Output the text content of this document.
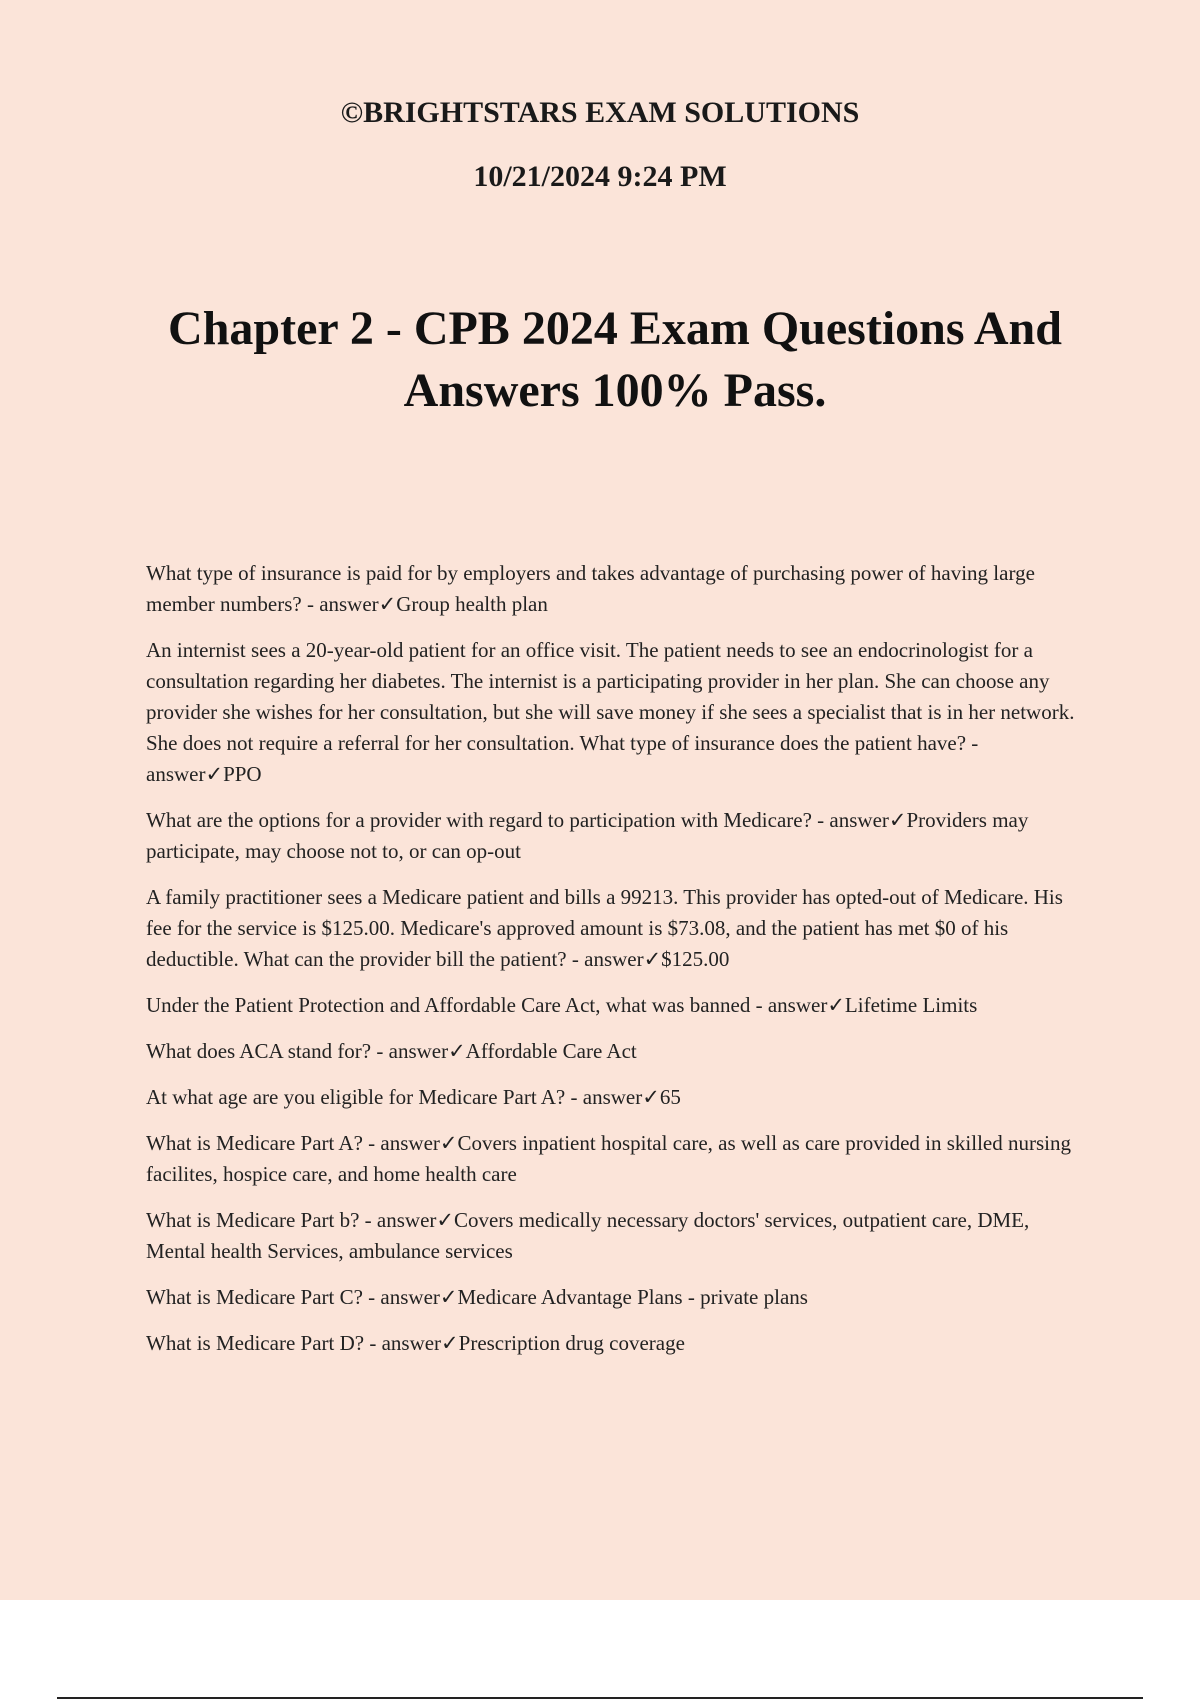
©BRIGHTSTARS EXAM SOLUTIONS
10/21/2024 9:24 PM
Chapter 2 - CPB 2024 Exam Questions And Answers 100% Pass.

What type of insurance is paid for by employers and takes advantage of purchasing power of having large member numbers? - answer✓Group health plan

An internist sees a 20-year-old patient for an office visit. The patient needs to see an endocrinologist for a consultation regarding her diabetes. The internist is a participating provider in her plan. She can choose any provider she wishes for her consultation, but she will save money if she sees a specialist that is in her network. She does not require a referral for her consultation. What type of insurance does the patient have? - answer✓PPO

What are the options for a provider with regard to participation with Medicare? - answer✓Providers may participate, may choose not to, or can op-out

A family practitioner sees a Medicare patient and bills a 99213. This provider has opted-out of Medicare. His fee for the service is $125.00. Medicare's approved amount is $73.08, and the patient has met $0 of his deductible. What can the provider bill the patient? - answer✓$125.00

Under the Patient Protection and Affordable Care Act, what was banned - answer✓Lifetime Limits

What does ACA stand for? - answer✓Affordable Care Act

At what age are you eligible for Medicare Part A? - answer✓65

What is Medicare Part A? - answer✓Covers inpatient hospital care, as well as care provided in skilled nursing facilites, hospice care, and home health care

What is Medicare Part b? - answer✓Covers medically necessary doctors' services, outpatient care, DME, Mental health Services, ambulance services

What is Medicare Part C? - answer✓Medicare Advantage Plans - private plans

What is Medicare Part D? - answer✓Prescription drug coverage
